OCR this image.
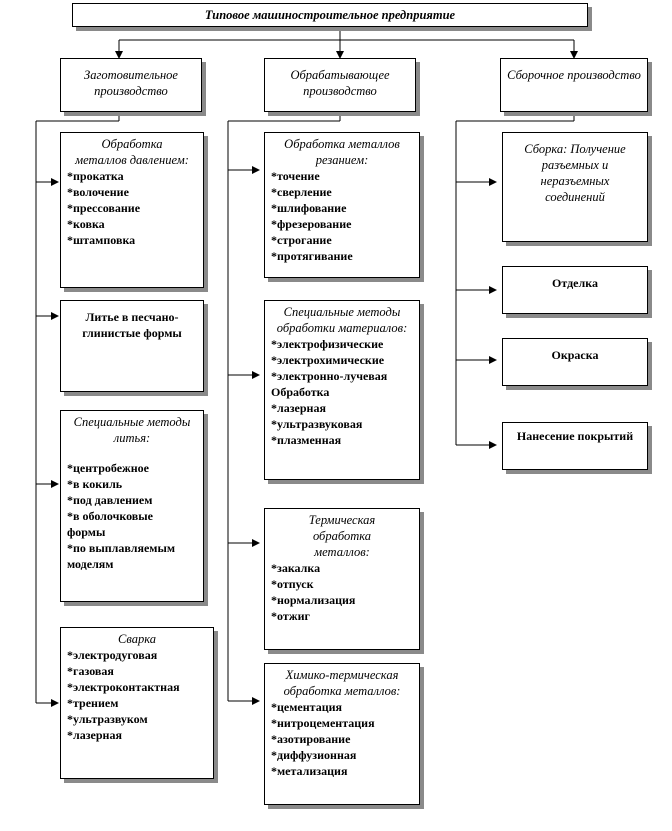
Типовое машиностроительное предприятие
Заготовительное производство
Обрабатывающее производство
Сборочное производство
Обработка металлов давлением:
*прокатка
*волочение
*прессование
*ковка
*штамповка
Литье в песчано-глинистые формы
Специальные методы литья:
*центробежное
*в кокиль
*под давлением
*в оболочковые
формы
*по выплавляемым
моделям
Сварка
*электродуговая
*газовая
*электроконтактная
*трением
*ультразвуком
*лазерная
Обработка металлов резанием:
*точение
*сверление
*шлифование
*фрезерование
*строгание
*протягивание
Специальные методы обработки материалов:
*электрофизические
*электрохимические
*электронно-лучевая
Обработка
*лазерная
*ультразвуковая
*плазменная
Термическая обработка металлов:
*закалка
*отпуск
*нормализация
*отжиг
Химико-термическая обработка металлов:
*цементация
*нитроцементация
*азотирование
*диффузионная
*метализация
Сборка: Получение разъемных и неразъемных соединений
Отделка
Окраска
Нанесение покрытий
